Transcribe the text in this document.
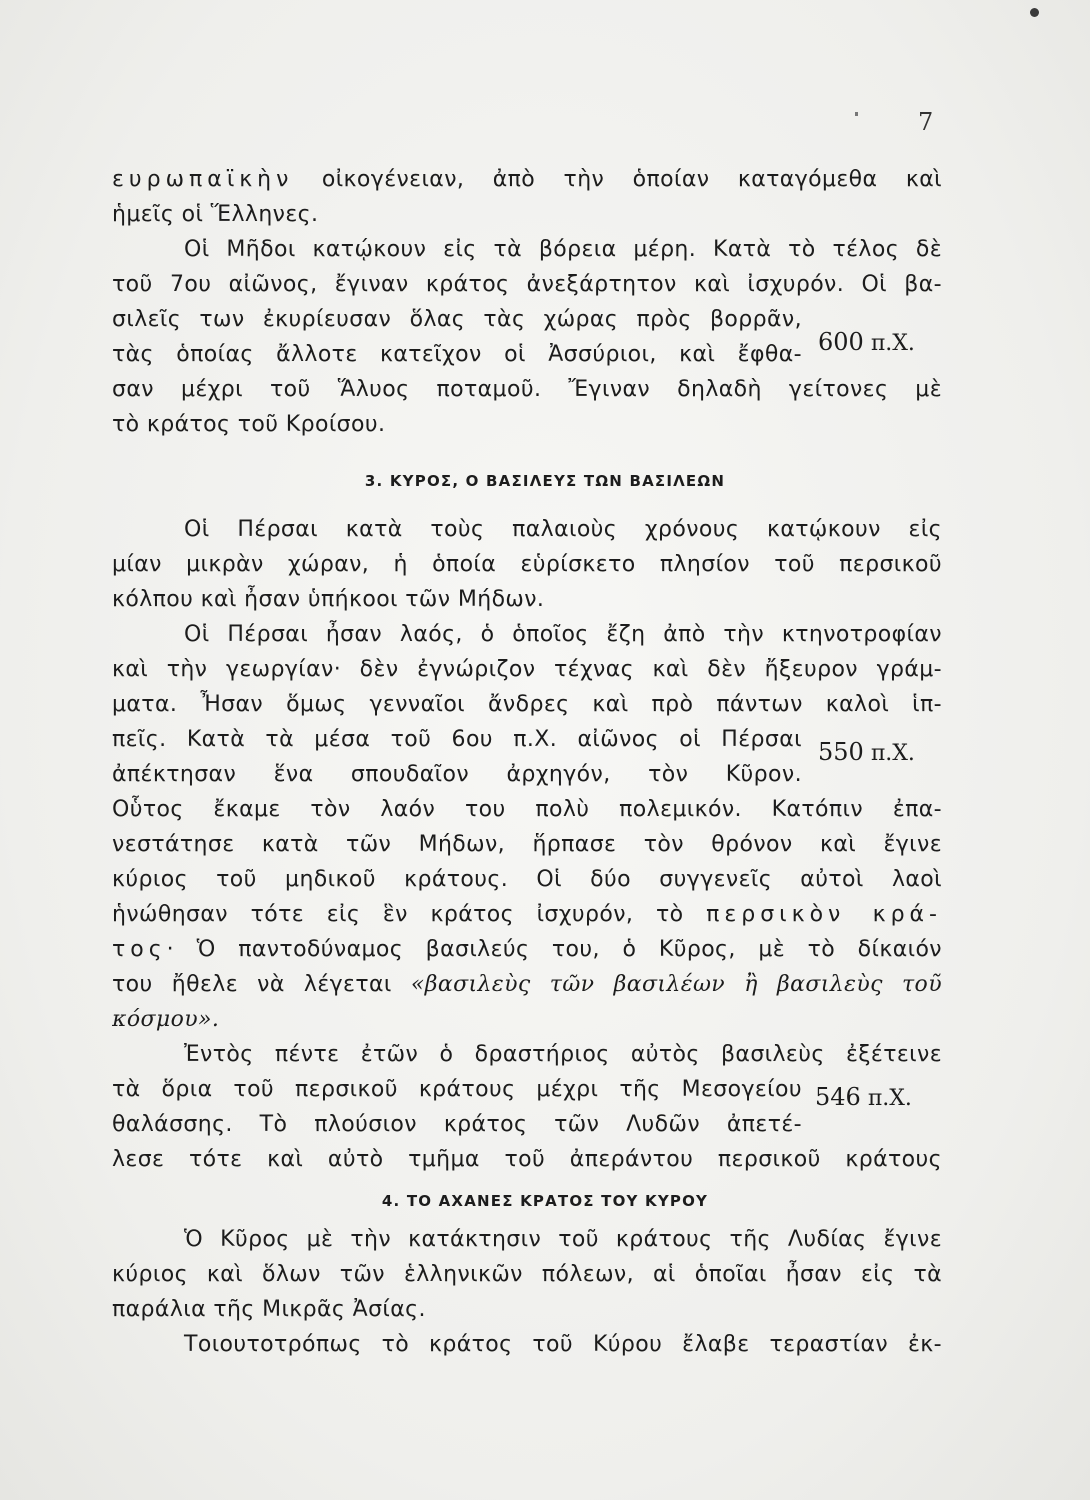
7
ευρωπαϊκὴν οἰκογένειαν, ἀπὸ τὴν ὁποίαν καταγόμεθα καὶ
ἡμεῖς οἱ Ἕλληνες.
Οἱ Μῆδοι κατῴκουν εἰς τὰ βόρεια μέρη. Κατὰ τὸ τέλος δὲ
τοῦ 7ου αἰῶνος, ἔγιναν κράτος ἀνεξάρτητον καὶ ἰσχυρόν. Οἱ βα-
σιλεῖς των ἐκυρίευσαν ὅλας τὰς χώρας πρὸς βορρᾶν,
τὰς ὁποίας ἄλλοτε κατεῖχον οἱ Ἀσσύριοι, καὶ ἔφθα-
σαν μέχρι τοῦ Ἅλυος ποταμοῦ. Ἔγιναν δηλαδὴ γείτονες μὲ
τὸ κράτος τοῦ Κροίσου.
600 π.Χ.
3. ΚΥΡΟΣ, Ο ΒΑΣΙΛΕΥΣ ΤΩΝ ΒΑΣΙΛΕΩΝ
Οἱ Πέρσαι κατὰ τοὺς παλαιοὺς χρόνους κατῴκουν εἰς
μίαν μικρὰν χώραν, ἡ ὁποία εὑρίσκετο πλησίον τοῦ περσικοῦ
κόλπου καὶ ἦσαν ὑπήκοοι τῶν Μήδων.
Οἱ Πέρσαι ἦσαν λαός, ὁ ὁποῖος ἔζη ἀπὸ τὴν κτηνοτροφίαν
καὶ τὴν γεωργίαν· δὲν ἐγνώριζον τέχνας καὶ δὲν ἤξευρον γράμ-
ματα. Ἦσαν ὅμως γενναῖοι ἄνδρες καὶ πρὸ πάντων καλοὶ ἱπ-
πεῖς. Κατὰ τὰ μέσα τοῦ 6ου π.Χ. αἰῶνος οἱ Πέρσαι
ἀπέκτησαν ἕνα σπουδαῖον ἀρχηγόν, τὸν Κῦρον.
Οὗτος ἔκαμε τὸν λαόν του πολὺ πολεμικόν. Κατόπιν ἐπα-
νεστάτησε κατὰ τῶν Μήδων, ἥρπασε τὸν θρόνον καὶ ἔγινε
κύριος τοῦ μηδικοῦ κράτους. Οἱ δύο συγγενεῖς αὐτοὶ λαοὶ
ἡνώθησαν τότε εἰς ἓν κράτος ἰσχυρόν, τὸ περσικὸν κρά-
τος· Ὁ παντοδύναμος βασιλεύς του, ὁ Κῦρος, μὲ τὸ δίκαιόν
του ἤθελε νὰ λέγεται «βασιλεὺς τῶν βασιλέων ἢ βασιλεὺς τοῦ
κόσμου».
Ἐντὸς πέντε ἐτῶν ὁ δραστήριος αὐτὸς βασιλεὺς ἐξέτεινε
τὰ ὅρια τοῦ περσικοῦ κράτους μέχρι τῆς Μεσογείου
θαλάσσης. Τὸ πλούσιον κράτος τῶν Λυδῶν ἀπετέ-
λεσε τότε καὶ αὐτὸ τμῆμα τοῦ ἀπεράντου περσικοῦ κράτους
550 π.Χ.
546 π.Χ.
4. ΤΟ ΑΧΑΝΕΣ ΚΡΑΤΟΣ ΤΟΥ ΚΥΡΟΥ
Ὁ Κῦρος μὲ τὴν κατάκτησιν τοῦ κράτους τῆς Λυδίας ἔγινε
κύριος καὶ ὅλων τῶν ἑλληνικῶν πόλεων, αἱ ὁποῖαι ἦσαν εἰς τὰ
παράλια τῆς Μικρᾶς Ἀσίας.
Τοιουτοτρόπως τὸ κράτος τοῦ Κύρου ἔλαβε τεραστίαν ἐκ-
